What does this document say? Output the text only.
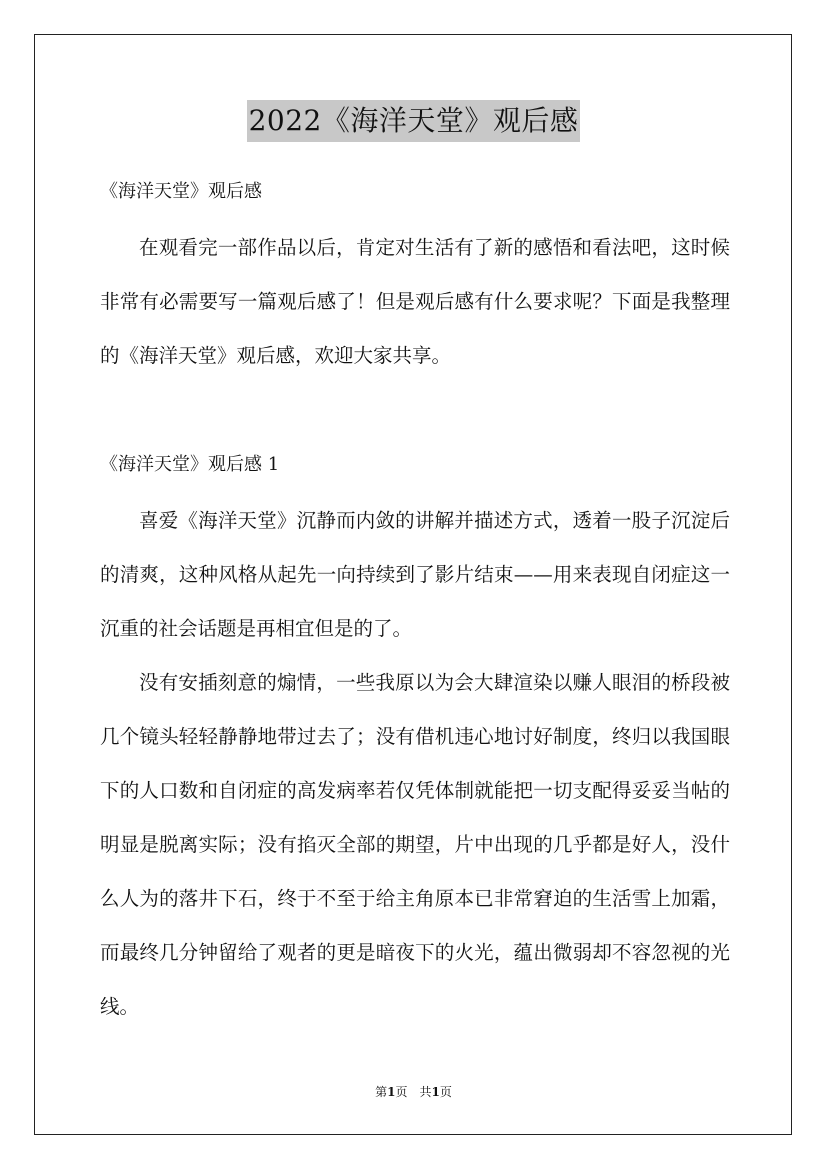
2022《海洋天堂》观后感
《海洋天堂》观后感

在观看完一部作品以后，肯定对生活有了新的感悟和看法吧，这时候非常有必需要写一篇观后感了！但是观后感有什么要求呢？下面是我整理的《海洋天堂》观后感，欢迎大家共享。

《海洋天堂》观后感 1

喜爱《海洋天堂》沉静而内敛的讲解并描述方式，透着一股子沉淀后的清爽，这种风格从起先一向持续到了影片结束——用来表现自闭症这一沉重的社会话题是再相宜但是的了。

没有安插刻意的煽情，一些我原以为会大肆渲染以赚人眼泪的桥段被几个镜头轻轻静静地带过去了；没有借机违心地讨好制度，终归以我国眼下的人口数和自闭症的高发病率若仅凭体制就能把一切支配得妥妥当帖的明显是脱离实际；没有掐灭全部的期望，片中出现的几乎都是好人，没什么人为的落井下石，终于不至于给主角原本已非常窘迫的生活雪上加霜，而最终几分钟留给了观者的更是暗夜下的火光，蕴出微弱却不容忽视的光线。

第1页　共1页
